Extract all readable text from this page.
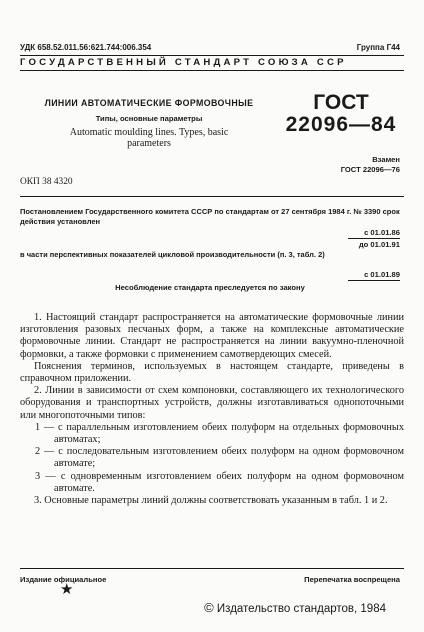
УДК 658.52.011.56:621.744:006.354	Группа Г44
ГОСУДАРСТВЕННЫЙ СТАНДАРТ СОЮЗА ССР
ЛИНИИ АВТОМАТИЧЕСКИЕ ФОРМОВОЧНЫЕ
Типы, основные параметры
Automatic moulding lines. Types, basic parameters
ГОСТ
22096—84
Взамен
ГОСТ 22096—76
ОКП 38 4320
Постановлением Государственного комитета СССР по стандартам от 27 сентября 1984 г. № 3390 срок действия установлен
с 01.01.86
до 01.01.91
в части перспективных показателей цикловой производительности (п. 3, табл. 2)
с 01.01.89
Несоблюдение стандарта преследуется по закону

1. Настоящий стандарт распространяется на автоматические формовочные линии изготовления разовых песчаных форм, а также на комплексные автоматические формовочные линии. Стандарт не распространяется на линии вакуумно-пленочной формовки, а также формовки с применением самотвердеющих смесей.

Пояснения терминов, используемых в настоящем стандарте, приведены в справочном приложении.

2. Линии в зависимости от схем компоновки, составляющего их технологического оборудования и транспортных устройств, должны изготавливаться однопоточными или многопоточными типов:

1 — с параллельным изготовлением обеих полуформ на отдельных формовочных автоматах;

2 — с последовательным изготовлением обеих полуформ на одном формовочном автомате;

3 — с одновременным изготовлением обеих полуформ на одном формовочном автомате.

3. Основные параметры линий должны соответствовать указанным в табл. 1 и 2.

Издание официальное
★
Перепечатка воспрещена
© Издательство стандартов, 1984
